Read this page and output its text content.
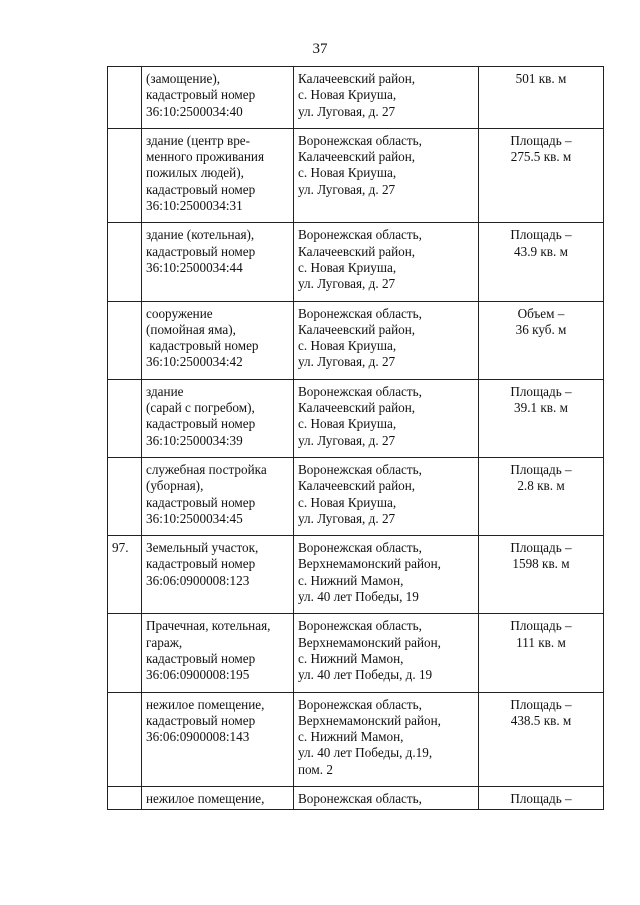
37

	(замощение),
кадастровый номер
36:10:2500034:40	Калачеевский район,
с. Новая Криуша,
ул. Луговая, д. 27	501 кв. м

	здание (центр вре-
менного проживания
пожилых людей),
кадастровый номер
36:10:2500034:31	Воронежская область,
Калачеевский район,
с. Новая Криуша,
ул. Луговая, д. 27	Площадь –
275.5 кв. м

	здание (котельная),
кадастровый номер
36:10:2500034:44	Воронежская область,
Калачеевский район,
с. Новая Криуша,
ул. Луговая, д. 27	Площадь –
43.9 кв. м

	сооружение
(помойная яма),
кадастровый номер
36:10:2500034:42	Воронежская область,
Калачеевский район,
с. Новая Криуша,
ул. Луговая, д. 27	Объем –
36 куб. м

	здание
(сарай с погребом),
кадастровый номер
36:10:2500034:39	Воронежская область,
Калачеевский район,
с. Новая Криуша,
ул. Луговая, д. 27	Площадь –
39.1 кв. м

	служебная постройка
(уборная),
кадастровый номер
36:10:2500034:45	Воронежская область,
Калачеевский район,
с. Новая Криуша,
ул. Луговая, д. 27	Площадь –
2.8 кв. м

97.	Земельный участок,
кадастровый номер
36:06:0900008:123	Воронежская область,
Верхнемамонский район,
с. Нижний Мамон,
ул. 40 лет Победы, 19	Площадь –
1598 кв. м

	Прачечная, котельная,
гараж,
кадастровый номер
36:06:0900008:195	Воронежская область,
Верхнемамонский район,
с. Нижний Мамон,
ул. 40 лет Победы, д. 19	Площадь –
111 кв. м

	нежилое помещение,
кадастровый номер
36:06:0900008:143	Воронежская область,
Верхнемамонский район,
с. Нижний Мамон,
ул. 40 лет Победы, д.19,
пом. 2	Площадь –
438.5 кв. м

	нежилое помещение,	Воронежская область,	Площадь –
